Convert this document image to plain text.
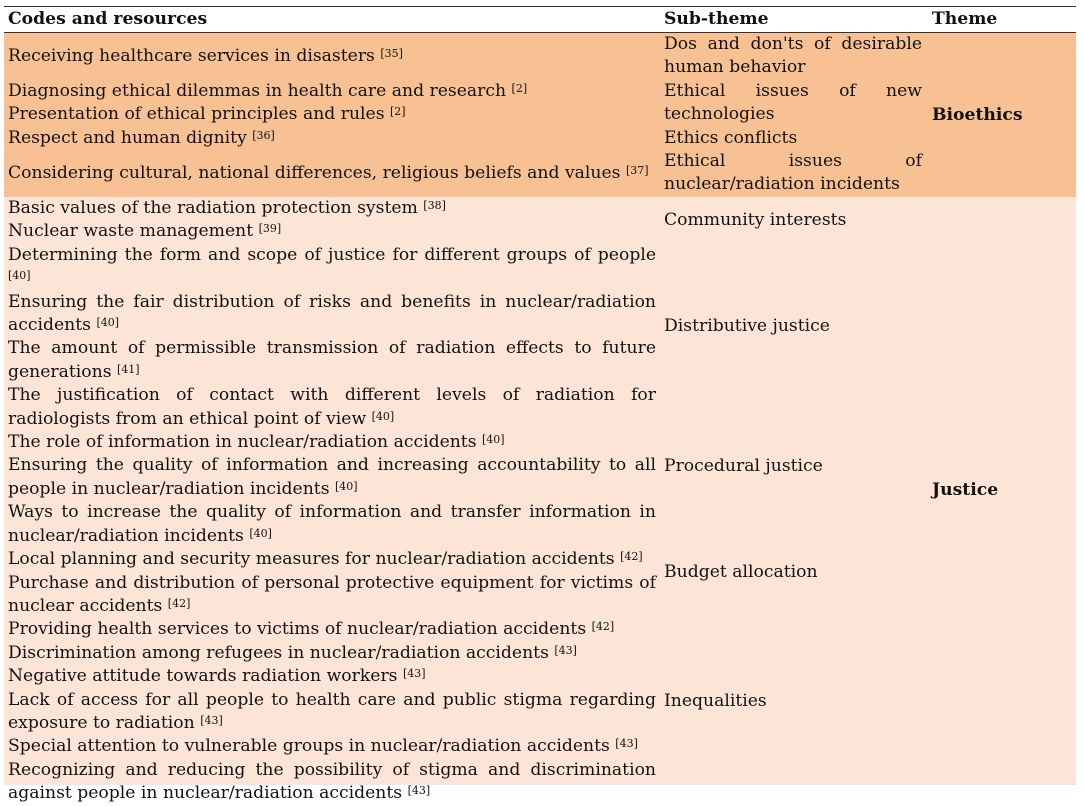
Codes and resources	Sub-theme	Theme
Receiving healthcare services in disasters [35]
Diagnosing ethical dilemmas in health care and research [2]
Presentation of ethical principles and rules [2]
Respect and human dignity [36]
Considering cultural, national differences, religious beliefs and values [37]
Dos and don'ts of desirable human behavior
Ethical issues of new technologies
Ethics conflicts
Ethical issues of nuclear/radiation incidents
Bioethics
Basic values of the radiation protection system [38]
Nuclear waste management [39]
Determining the form and scope of justice for different groups of people [40]
Ensuring the fair distribution of risks and benefits in nuclear/radiation accidents [40]
The amount of permissible transmission of radiation effects to future generations [41]
The justification of contact with different levels of radiation for radiologists from an ethical point of view [40]
The role of information in nuclear/radiation accidents [40]
Ensuring the quality of information and increasing accountability to all people in nuclear/radiation incidents [40]
Ways to increase the quality of information and transfer information in nuclear/radiation incidents [40]
Local planning and security measures for nuclear/radiation accidents [42]
Purchase and distribution of personal protective equipment for victims of nuclear accidents [42]
Providing health services to victims of nuclear/radiation accidents [42]
Discrimination among refugees in nuclear/radiation accidents [43]
Negative attitude towards radiation workers [43]
Lack of access for all people to health care and public stigma regarding exposure to radiation [43]
Special attention to vulnerable groups in nuclear/radiation accidents [43]
Recognizing and reducing the possibility of stigma and discrimination against people in nuclear/radiation accidents [43]
Community interests
Distributive justice
Procedural justice
Budget allocation
Inequalities
Justice
